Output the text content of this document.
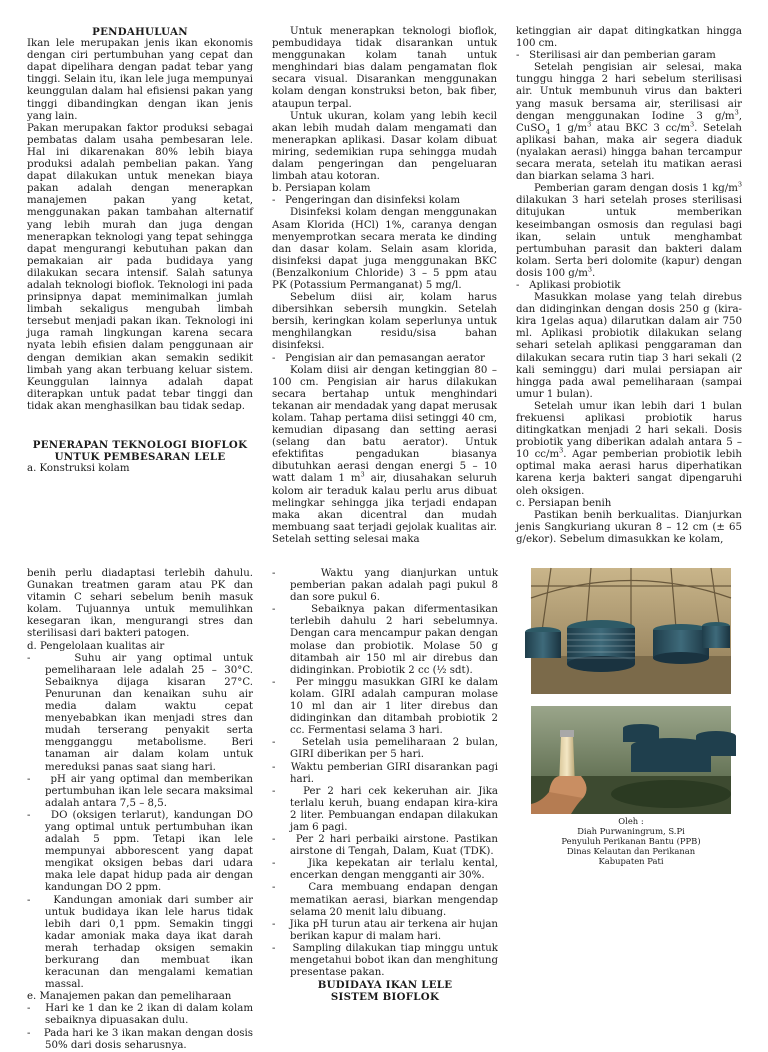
PENDAHULUAN

Ikan lele merupakan jenis ikan ekonomis dengan ciri pertumbuhan yang cepat dan dapat dipelihara dengan padat tebar yang tinggi. Selain itu, ikan lele juga mempunyai keunggulan dalam hal efisiensi pakan yang tinggi dibandingkan dengan ikan jenis yang lain.

Pakan merupakan faktor produksi sebagai pembatas dalam usaha pembesaran lele. Hal ini dikarenakan 80% lebih biaya produksi adalah pembelian pakan. Yang dapat dilakukan untuk menekan biaya pakan adalah dengan menerapkan manajemen pakan yang ketat, menggunakan pakan tambahan alternatif yang lebih murah dan juga dengan menerapkan teknologi yang tepat sehingga dapat mengurangi kebutuhan pakan dan pemakaian air pada budidaya yang dilakukan secara intensif. Salah satunya adalah teknologi bioflok. Teknologi ini pada prinsipnya dapat meminimalkan jumlah limbah sekaligus mengubah limbah tersebut menjadi pakan ikan. Teknologi ini juga ramah lingkungan karena secara nyata lebih efisien dalam penggunaan air dengan demikian akan semakin sedikit limbah yang akan terbuang keluar sistem. Keunggulan lainnya adalah dapat diterapkan untuk padat tebar tinggi dan tidak akan menghasilkan bau tidak sedap.

PENERAPAN TEKNOLOGI BIOFLOK

UNTUK PEMBESARAN LELE

a. Konstruksi kolam

Untuk menerapkan teknologi bioflok, pembudidaya tidak disarankan untuk menggunakan kolam tanah untuk menghindari bias dalam pengamatan flok secara visual. Disarankan menggunakan kolam dengan konstruksi beton, bak fiber, ataupun terpal.

Untuk ukuran, kolam yang lebih kecil akan lebih mudah dalam mengamati dan menerapkan aplikasi. Dasar kolam dibuat miring, sedemikian rupa sehingga mudah dalam pengeringan dan pengeluaran limbah atau kotoran.

b. Persiapan kolam

-   Pengeringan dan disinfeksi kolam

Disinfeksi kolam dengan menggunakan Asam Klorida (HCl) 1%, caranya dengan menyemprotkan secara merata ke dinding dan dasar kolam. Selain asam klorida, disinfeksi dapat juga menggunakan BKC (Benzalkonium Chloride) 3 – 5 ppm atau PK (Potassium Permanganat) 5 mg/l.

Sebelum diisi air, kolam harus dibersihkan sebersih mungkin. Setelah bersih, keringkan kolam seperlunya untuk menghilangkan residu/sisa bahan disinfeksi.

-   Pengisian air dan pemasangan aerator

Kolam diisi air dengan ketinggian 80 – 100 cm. Pengisian air harus dilakukan secara bertahap untuk menghindari tekanan air mendadak yang dapat merusak kolam. Tahap pertama diisi setinggi 40 cm, kemudian dipasang dan setting aerasi (selang dan batu aerator). Untuk efektifitas pengadukan biasanya dibutuhkan aerasi dengan energi 5 – 10 watt dalam 1 $m^3$ air, diusahakan seluruh kolom air teraduk kalau perlu arus dibuat melingkar sehingga jika terjadi endapan maka akan dicentral dan mudah membuang saat terjadi gejolak kualitas air. Setelah setting selesai maka

ketinggian air dapat ditingkatkan hingga 100 cm.

-   Sterilisasi air dan pemberian garam

Setelah pengisian air selesai, maka tunggu hingga 2 hari sebelum sterilisasi air. Untuk membunuh virus dan bakteri yang masuk bersama air, sterilisasi air dengan menggunakan Iodine 3 $g/m^3$, CuSO$_4$ 1 $g/m^3$ atau BKC 3 $cc/m^3$. Setelah aplikasi bahan, maka air segera diaduk (nyalakan aerasi) hingga bahan tercampur secara merata, setelah itu matikan aerasi dan biarkan selama 3 hari.

Pemberian garam dengan dosis 1 $kg/m^3$ dilakukan 3 hari setelah proses sterilisasi ditujukan untuk memberikan keseimbangan osmosis dan regulasi bagi ikan, selain untuk menghambat pertumbuhan parasit dan bakteri dalam kolam. Serta beri dolomite (kapur) dengan dosis 100 $g/m^3$.

-   Aplikasi probiotik

Masukkan molase yang telah direbus dan didinginkan dengan dosis 250 g (kira-kira 1gelas aqua) dilarutkan dalam air 750 ml. Aplikasi probiotik dilakukan selang sehari setelah aplikasi penggaraman dan dilakukan secara rutin tiap 3 hari sekali (2 kali seminggu) dari mulai persiapan air hingga pada awal pemeliharaan (sampai umur 1 bulan).

Setelah umur ikan lebih dari 1 bulan frekuensi aplikasi probiotik harus ditingkatkan menjadi 2 hari sekali. Dosis probiotik yang diberikan adalah antara 5 – 10 $cc/m^3$. Agar pemberian probiotik lebih optimal maka aerasi harus diperhatikan karena kerja bakteri sangat dipengaruhi oleh oksigen.

c. Persiapan benih

Pastikan benih berkualitas. Dianjurkan jenis Sangkuriang ukuran 8 – 12 cm (± 65 g/ekor). Sebelum dimasukkan ke kolam,

benih perlu diadaptasi terlebih dahulu. Gunakan treatmen garam atau PK dan vitamin C sehari sebelum benih masuk kolam. Tujuannya untuk memulihkan kesegaran ikan, mengurangi stres dan sterilisasi dari bakteri patogen.

d. Pengelolaan kualitas air

-    Suhu air yang optimal untuk pemeliharaan lele adalah 25 – 30°C. Sebaiknya dijaga kisaran 27°C. Penurunan dan kenaikan suhu air media dalam waktu cepat menyebabkan ikan menjadi stres dan mudah terserang penyakit serta mengganggu metabolisme. Beri tanaman air dalam kolam untuk mereduksi panas saat siang hari.

-    pH air yang optimal dan memberikan pertumbuhan ikan lele secara maksimal adalah antara 7,5 – 8,5.

-    DO (oksigen terlarut), kandungan DO yang optimal untuk pertumbuhan ikan adalah 5 ppm. Tetapi ikan lele mempunyai abborescent yang dapat mengikat oksigen bebas dari udara maka lele dapat hidup pada air dengan kandungan DO 2 ppm.

-    Kandungan amoniak dari sumber air untuk budidaya ikan lele harus tidak lebih dari 0,1 ppm. Semakin tinggi kadar amoniak maka daya ikat darah merah terhadap oksigen semakin berkurang dan membuat ikan keracunan dan mengalami kematian massal.

e. Manajemen pakan dan pemeliharaan

-    Hari ke 1 dan ke 2 ikan di dalam kolam sebaiknya dipuasakan dulu.

-    Pada hari ke 3 ikan makan dengan dosis 50% dari dosis seharusnya.

-    Waktu yang dianjurkan untuk pemberian pakan adalah pagi pukul 8 dan sore pukul 6.

-    Sebaiknya pakan difermentasikan terlebih dahulu 2 hari sebelumnya. Dengan cara mencampur pakan dengan molase dan probiotik. Molase 50 g ditambah air 150 ml air direbus dan didinginkan. Probiotik 2 cc (½ sdt).

-    Per minggu masukkan GIRI ke dalam kolam. GIRI adalah campuran molase 10 ml dan air 1 liter direbus dan didinginkan dan ditambah probiotik 2 cc. Fermentasi selama 3 hari.

-    Setelah usia pemeliharaan 2 bulan, GIRI diberikan per 5 hari.

-    Waktu pemberian GIRI disarankan pagi hari.

-    Per 2 hari cek kekeruhan air. Jika terlalu keruh, buang endapan kira-kira 2 liter. Pembuangan endapan dilakukan jam 6 pagi.

-    Per 2 hari perbaiki airstone. Pastikan airstone di Tengah, Dalam, Kuat (TDK).

-    Jika kepekatan air terlalu kental, encerkan dengan mengganti air 30%.

-    Cara membuang endapan dengan mematikan aerasi, biarkan mengendap selama 20 menit lalu dibuang.

-    Jika pH turun atau air terkena air hujan berikan kapur di malam hari.

-    Sampling dilakukan tiap minggu untuk mengetahui bobot ikan dan menghitung presentase pakan.

BUDIDAYA IKAN LELE

SISTEM BIOFLOK

Oleh :

Diah Purwaningrum, S.Pi

Penyuluh Perikanan Bantu (PPB)

Dinas Kelautan dan Perikanan

Kabupaten Pati
